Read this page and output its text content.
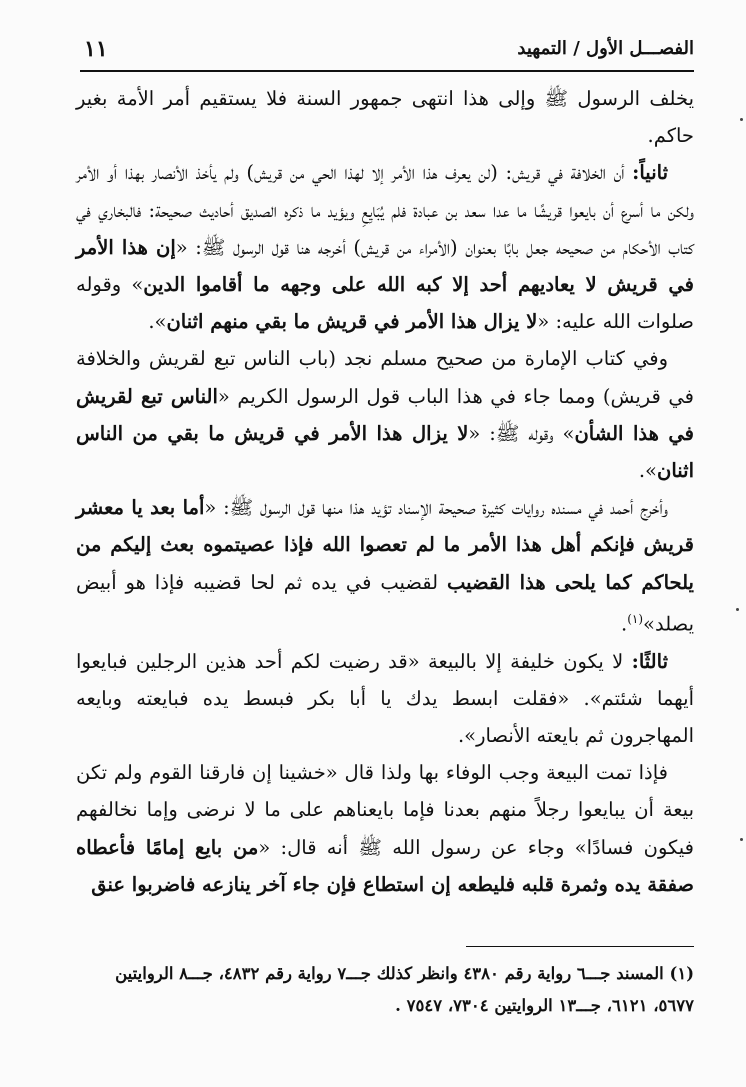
الفصـــل الأول / التمهيد
١١

يخلف الرسول ﷺ وإلى هذا انتهى جمهور السنة فلا يستقيم أمر الأمة بغير حاكم.

ثانياً: أن الخلافة في قريش: (لن يعرف هذا الأمر إلا لهذا الحي من قريش) ولم يأخذ الأنصار بهذا أو الأمر ولكن ما أسرع أن بايعوا قريشًا ما عدا سعد بن عبادة فلم يُبَايِعِ ويؤيد ما ذكره الصديق أحاديث صحيحة: فالبخاري في كتاب الأحكام من صحيحه جعل بابًا بعنوان (الأمراء من قريش) أخرجه هنا قول الرسول ﷺ: «إن هذا الأمر في قريش لا يعاديهم أحد إلا كبه الله على وجهه ما أقاموا الدين» وقوله صلوات الله عليه: «لا يزال هذا الأمر في قريش ما بقي منهم اثنان».

وفي كتاب الإمارة من صحيح مسلم نجد (باب الناس تبع لقريش والخلافة في قريش) ومما جاء في هذا الباب قول الرسول الكريم «الناس تبع لقريش في هذا الشأن» وقوله ﷺ: «لا يزال هذا الأمر في قريش ما بقي من الناس اثنان».

وأخرج أحمد في مسنده روايات كثيرة صحيحة الإسناد تؤيد هذا منها قول الرسول ﷺ: «أما بعد يا معشر قريش فإنكم أهل هذا الأمر ما لم تعصوا الله فإذا عصيتموه بعث إليكم من يلحاكم كما يلحى هذا القضيب لقضيب في يده ثم لحا قضيبه فإذا هو أبيض يصلد»$^{(١)}$.

ثالثًا: لا يكون خليفة إلا بالبيعة «قد رضيت لكم أحد هذين الرجلين فبايعوا أيهما شئتم». «فقلت ابسط يدك يا أبا بكر فبسط يده فبايعته وبايعه المهاجرون ثم بايعته الأنصار».

فإذا تمت البيعة وجب الوفاء بها ولذا قال «خشينا إن فارقنا القوم ولم تكن بيعة أن يبايعوا رجلاً منهم بعدنا فإما بايعناهم على ما لا نرضى وإما نخالفهم فيكون فسادًا» وجاء عن رسول الله ﷺ أنه قال: «من بايع إمامًا فأعطاه صفقة يده وثمرة قلبه فليطعه إن استطاع فإن جاء آخر ينازعه فاضربوا عنق

(١) المسند جـــ٦ رواية رقم ٤٣٨٠ وانظر كذلك جـــ٧ رواية رقم ٤٨٣٢، جـــ٨ الروايتين ٥٦٧٧، ٦١٢١، جـــ١٣ الروايتين ٧٣٠٤، ٧٥٤٧ .
